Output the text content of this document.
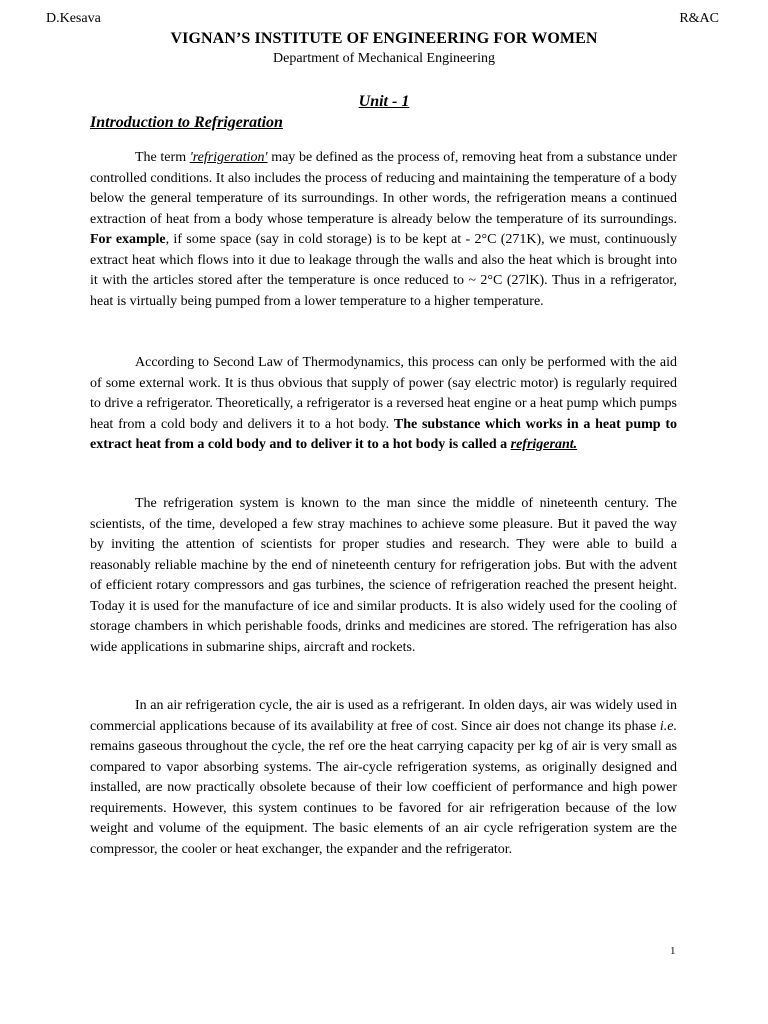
D.Kesava	R&AC
VIGNAN’S INSTITUTE OF ENGINEERING FOR WOMEN
Department of Mechanical Engineering
Unit - 1
Introduction to Refrigeration
The term 'refrigeration' may be defined as the process of, removing heat from a substance under controlled conditions. It also includes the process of reducing and maintaining the temperature of a body below the general temperature of its surroundings. In other words, the refrigeration means a continued extraction of heat from a body whose temperature is already below the temperature of its surroundings. For example, if some space (say in cold storage) is to be kept at - 2°C (271K), we must, continuously extract heat which flows into it due to leakage through the walls and also the heat which is brought into it with the articles stored after the temperature is once reduced to ~ 2°C (27lK). Thus in a refrigerator, heat is virtually being pumped from a lower temperature to a higher temperature.
According to Second Law of Thermodynamics, this process can only be performed with the aid of some external work. It is thus obvious that supply of power (say electric motor) is regularly required to drive a refrigerator. Theoretically, a refrigerator is a reversed heat engine or a heat pump which pumps heat from a cold body and delivers it to a hot body. The substance which works in a heat pump to extract heat from a cold body and to deliver it to a hot body is called a refrigerant.
The refrigeration system is known to the man since the middle of nineteenth century. The scientists, of the time, developed a few stray machines to achieve some pleasure. But it paved the way by inviting the attention of scientists for proper studies and research. They were able to build a reasonably reliable machine by the end of nineteenth century for refrigeration jobs. But with the advent of efficient rotary compressors and gas turbines, the science of refrigeration reached the present height. Today it is used for the manufacture of ice and similar products. It is also widely used for the cooling of storage chambers in which perishable foods, drinks and medicines are stored. The refrigeration has also wide applications in submarine ships, aircraft and rockets.
In an air refrigeration cycle, the air is used as a refrigerant. In olden days, air was widely used in commercial applications because of its availability at free of cost. Since air does not change its phase i.e. remains gaseous throughout the cycle, the ref ore the heat carrying capacity per kg of air is very small as compared to vapor absorbing systems. The air-cycle refrigeration systems, as originally designed and installed, are now practically obsolete because of their low coefficient of performance and high power requirements. However, this system continues to be favored for air refrigeration because of the low weight and volume of the equipment. The basic elements of an air cycle refrigeration system are the compressor, the cooler or heat exchanger, the expander and the refrigerator.
1
